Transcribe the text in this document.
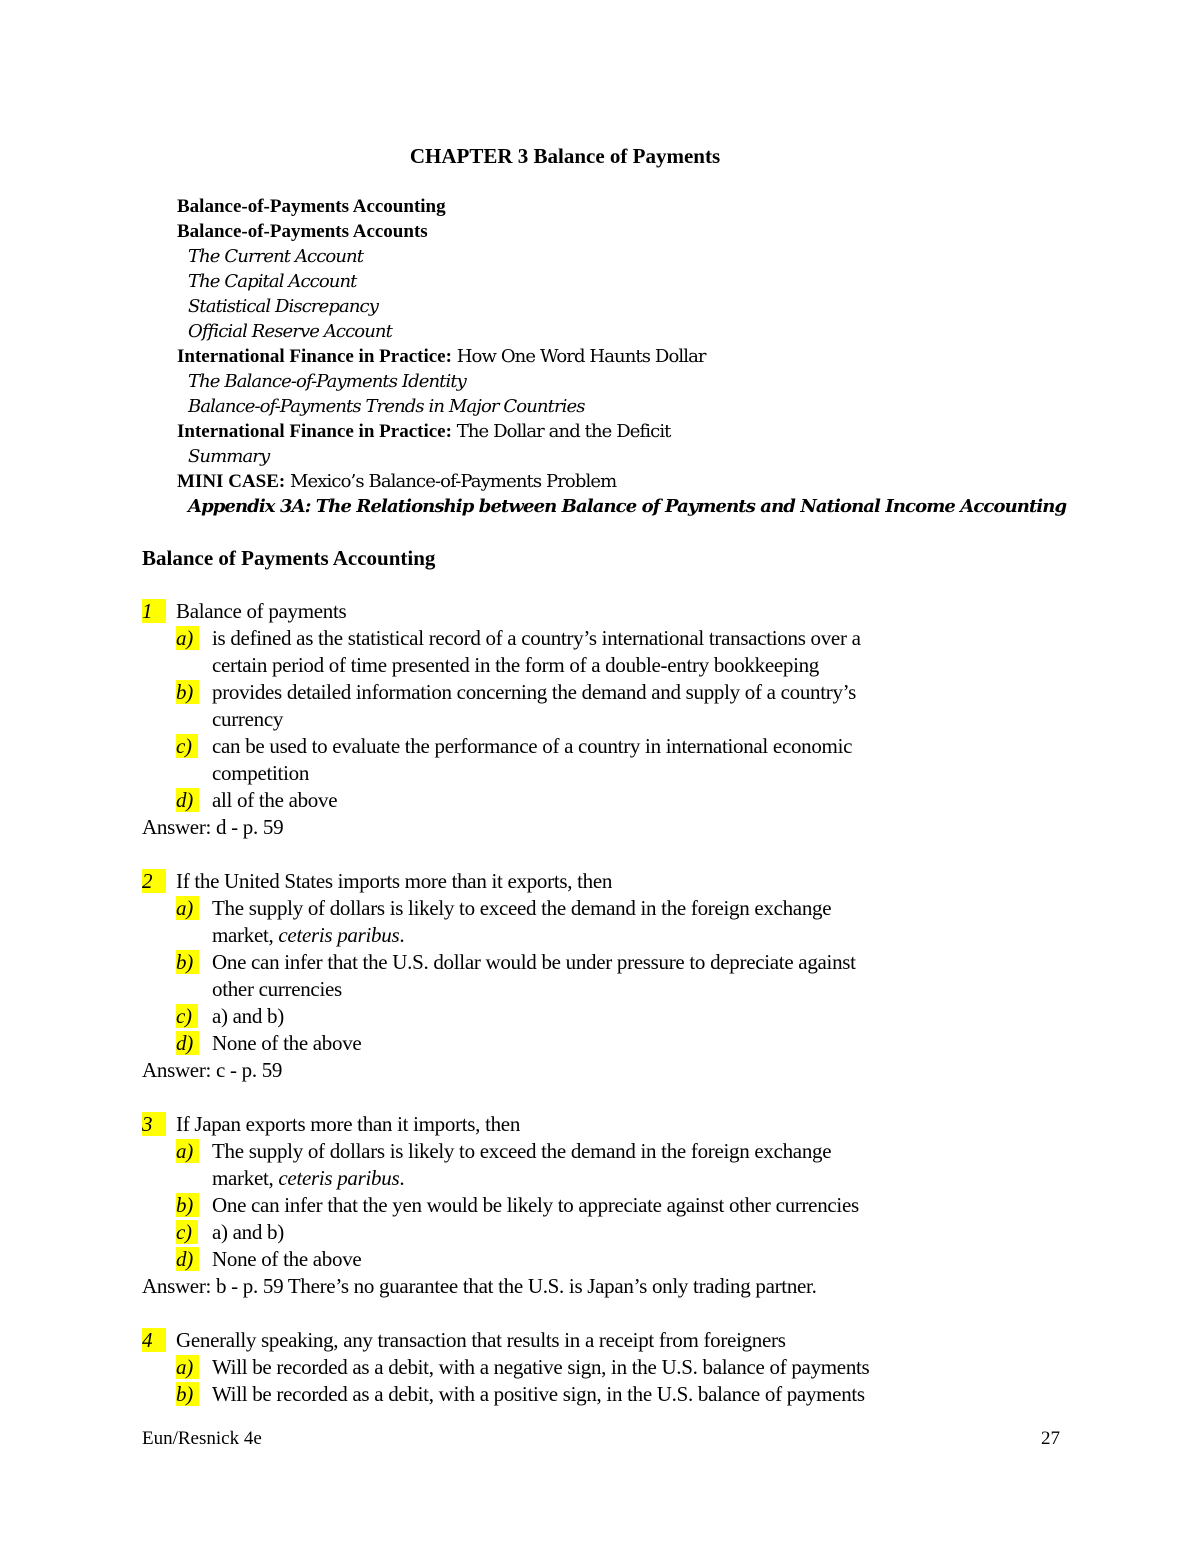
CHAPTER 3 Balance of Payments
Balance-of-Payments Accounting
Balance-of-Payments Accounts
The Current Account
The Capital Account
Statistical Discrepancy
Official Reserve Account
International Finance in Practice: How One Word Haunts Dollar
The Balance-of-Payments Identity
Balance-of-Payments Trends in Major Countries
International Finance in Practice: The Dollar and the Deficit
Summary
MINI CASE: Mexico’s Balance-of-Payments Problem
Appendix 3A: The Relationship between Balance of Payments and National Income Accounting
Balance of Payments Accounting
1 Balance of payments
a) is defined as the statistical record of a country’s international transactions over a
certain period of time presented in the form of a double-entry bookkeeping
b) provides detailed information concerning the demand and supply of a country’s
currency
c) can be used to evaluate the performance of a country in international economic
competition
d) all of the above
Answer: d - p. 59
2 If the United States imports more than it exports, then
a) The supply of dollars is likely to exceed the demand in the foreign exchange
market, ceteris paribus.
b) One can infer that the U.S. dollar would be under pressure to depreciate against
other currencies
c) a) and b)
d) None of the above
Answer: c - p. 59
3 If Japan exports more than it imports, then
a) The supply of dollars is likely to exceed the demand in the foreign exchange
market, ceteris paribus.
b) One can infer that the yen would be likely to appreciate against other currencies
c) a) and b)
d) None of the above
Answer: b - p. 59 There’s no guarantee that the U.S. is Japan’s only trading partner.
4 Generally speaking, any transaction that results in a receipt from foreigners
a) Will be recorded as a debit, with a negative sign, in the U.S. balance of payments
b) Will be recorded as a debit, with a positive sign, in the U.S. balance of payments
Eun/Resnick 4e	27
